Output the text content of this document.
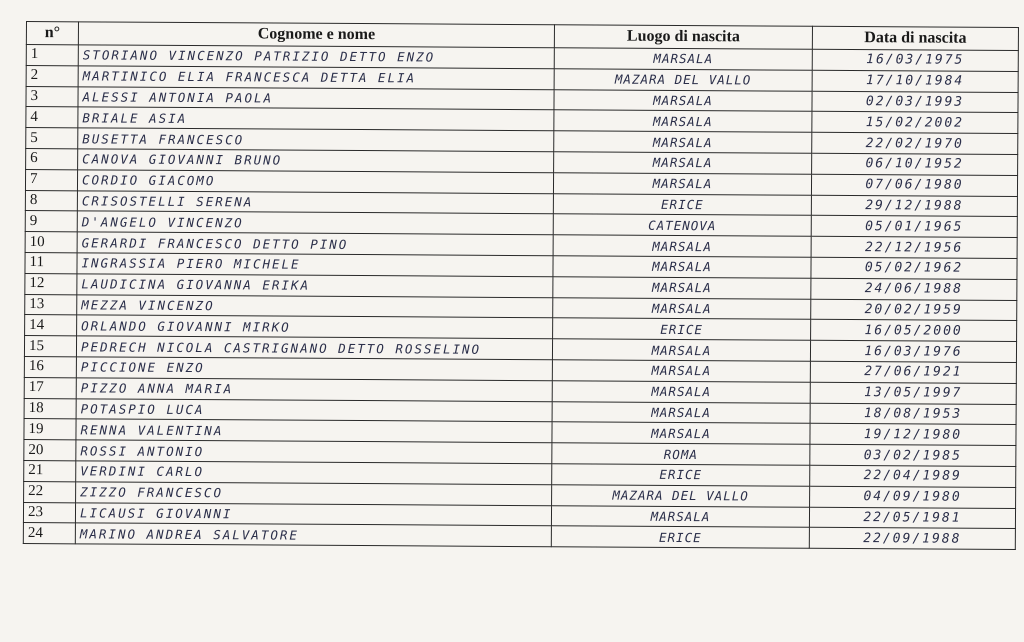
n°	Cognome e nome	Luogo di nascita	Data di nascita
1	STORIANO VINCENZO PATRIZIO DETTO ENZO	MARSALA	16/03/1975
2	MARTINICO ELIA FRANCESCA DETTA ELIA	MAZARA DEL VALLO	17/10/1984
3	ALESSI ANTONIA PAOLA	MARSALA	02/03/1993
4	BRIALE ASIA	MARSALA	15/02/2002
5	BUSETTA FRANCESCO	MARSALA	22/02/1970
6	CANOVA GIOVANNI BRUNO	MARSALA	06/10/1952
7	CORDIO GIACOMO	MARSALA	07/06/1980
8	CRISOSTELLI SERENA	ERICE	29/12/1988
9	D'ANGELO VINCENZO	CATENOVA	05/01/1965
10	GERARDI FRANCESCO DETTO PINO	MARSALA	22/12/1956
11	INGRASSIA PIERO MICHELE	MARSALA	05/02/1962
12	LAUDICINA GIOVANNA ERIKA	MARSALA	24/06/1988
13	MEZZA VINCENZO	MARSALA	20/02/1959
14	ORLANDO GIOVANNI MIRKO	ERICE	16/05/2000
15	PEDRECH NICOLA CASTRIGNANO DETTO ROSSELINO	MARSALA	16/03/1976
16	PICCIONE ENZO	MARSALA	27/06/1921
17	PIZZO ANNA MARIA	MARSALA	13/05/1997
18	POTASPIO LUCA	MARSALA	18/08/1953
19	RENNA VALENTINA	MARSALA	19/12/1980
20	ROSSI ANTONIO	ROMA	03/02/1985
21	VERDINI CARLO	ERICE	22/04/1989
22	ZIZZO FRANCESCO	MAZARA DEL VALLO	04/09/1980
23	LICAUSI GIOVANNI	MARSALA	22/05/1981
24	MARINO ANDREA SALVATORE	ERICE	22/09/1988
